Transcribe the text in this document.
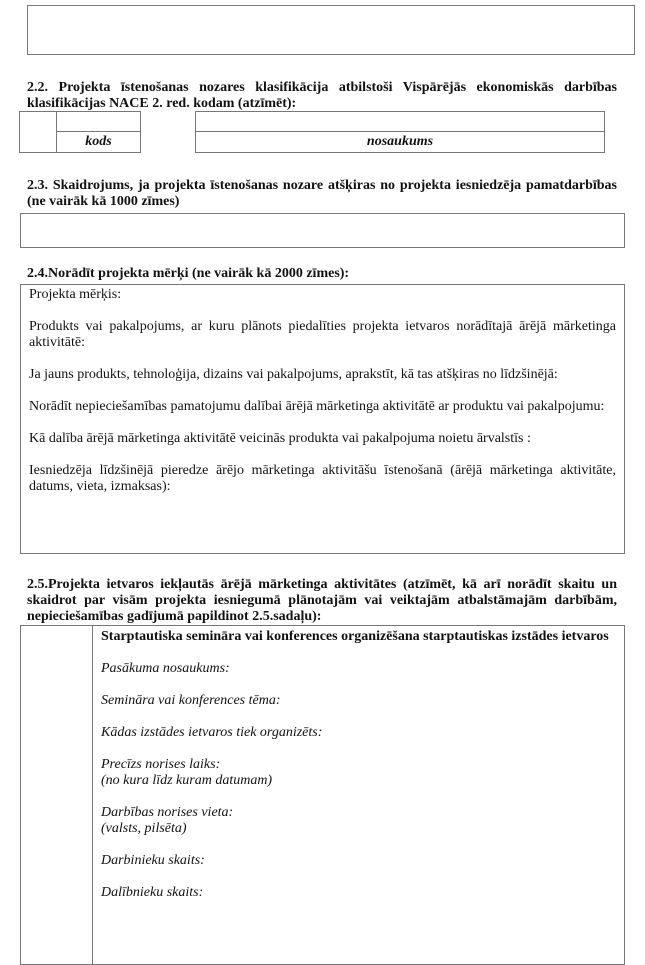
2.2. Projekta īstenošanas nozares klasifikācija atbilstoši Vispārējās ekonomiskās darbības klasifikācijas NACE 2. red. kodam (atzīmēt):
kods	nosaukums
2.3. Skaidrojums, ja projekta īstenošanas nozare atšķiras no projekta iesniedzēja pamatdarbības (ne vairāk kā 1000 zīmes)
2.4.Norādīt projekta mērķi (ne vairāk kā 2000 zīmes):

Projekta mērķis:

Produkts vai pakalpojums, ar kuru plānots piedalīties projekta ietvaros norādītajā ārējā mārketinga aktivitātē:

Ja jauns produkts, tehnoloģija, dizains vai pakalpojums, aprakstīt, kā tas atšķiras no līdzšinējā:

Norādīt nepieciešamības pamatojumu dalībai ārējā mārketinga aktivitātē ar produktu vai pakalpojumu:

Kā dalība ārējā mārketinga aktivitātē veicinās produkta vai pakalpojuma noietu ārvalstīs :

Iesniedzēja līdzšinējā pieredze ārējo mārketinga aktivitāšu īstenošanā (ārējā mārketinga aktivitāte, datums, vieta, izmaksas):

2.5.Projekta ietvaros iekļautās ārējā mārketinga aktivitātes (atzīmēt, kā arī norādīt skaitu un skaidrot par visām projekta iesniegumā plānotajām vai veiktajām atbalstāmajām darbībām, nepieciešamības gadījumā papildinot 2.5.sadaļu):

Starptautiska semināra vai konferences organizēšana starptautiskas izstādes ietvaros

Pasākuma nosaukums:

Semināra vai konferences tēma:

Kādas izstādes ietvaros tiek organizēts:

Precīzs norises laiks:

(no kura līdz kuram datumam)

Darbības norises vieta:

(valsts, pilsēta)

Darbinieku skaits:

Dalībnieku skaits:
